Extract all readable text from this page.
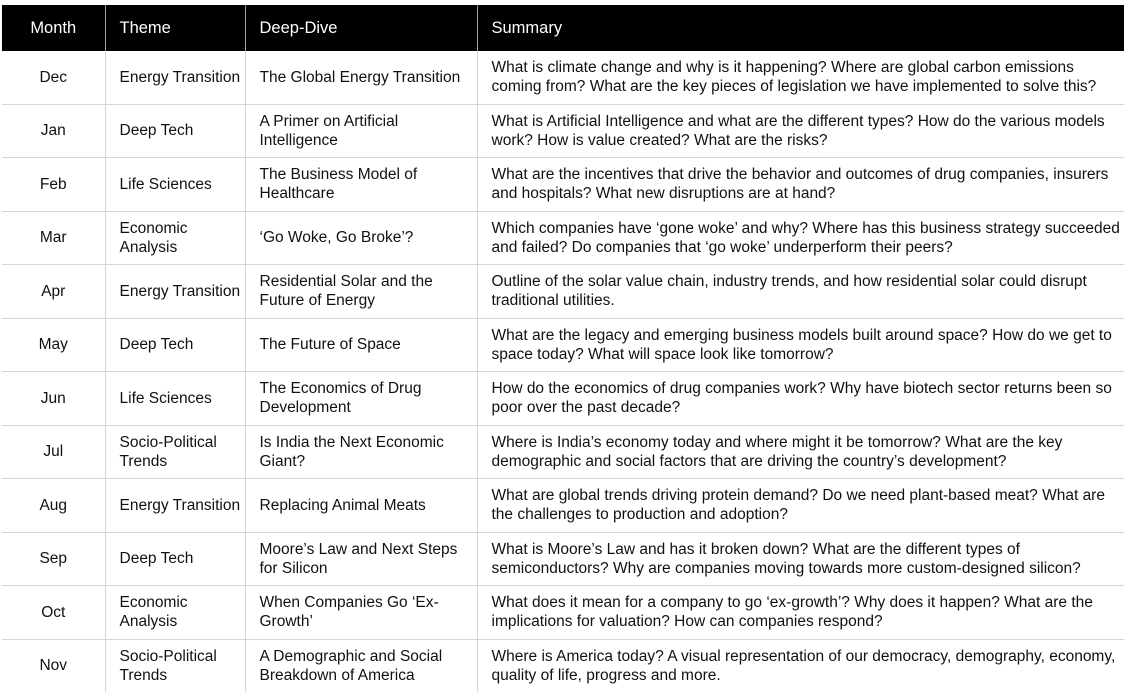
Month	Theme	Deep-Dive	Summary
Dec	Energy Transition	The Global Energy Transition	What is climate change and why is it happening? Where are global carbon emissions coming from? What are the key pieces of legislation we have implemented to solve this?
Jan	Deep Tech	A Primer on Artificial Intelligence	What is Artificial Intelligence and what are the different types? How do the various models work? How is value created? What are the risks?
Feb	Life Sciences	The Business Model of Healthcare	What are the incentives that drive the behavior and outcomes of drug companies, insurers and hospitals? What new disruptions are at hand?
Mar	Economic Analysis	‘Go Woke, Go Broke’?	Which companies have ‘gone woke’ and why? Where has this business strategy succeeded and failed? Do companies that ‘go woke’ underperform their peers?
Apr	Energy Transition	Residential Solar and the Future of Energy	Outline of the solar value chain, industry trends, and how residential solar could disrupt traditional utilities.
May	Deep Tech	The Future of Space	What are the legacy and emerging business models built around space? How do we get to space today? What will space look like tomorrow?
Jun	Life Sciences	The Economics of Drug Development	How do the economics of drug companies work? Why have biotech sector returns been so poor over the past decade?
Jul	Socio-Political Trends	Is India the Next Economic Giant?	Where is India’s economy today and where might it be tomorrow? What are the key demographic and social factors that are driving the country’s development?
Aug	Energy Transition	Replacing Animal Meats	What are global trends driving protein demand? Do we need plant-based meat? What are the challenges to production and adoption?
Sep	Deep Tech	Moore’s Law and Next Steps for Silicon	What is Moore’s Law and has it broken down? What are the different types of semiconductors? Why are companies moving towards more custom-designed silicon?
Oct	Economic Analysis	When Companies Go ‘Ex-Growth’	What does it mean for a company to go ‘ex-growth’? Why does it happen? What are the implications for valuation? How can companies respond?
Nov	Socio-Political Trends	A Demographic and Social Breakdown of America	Where is America today? A visual representation of our democracy, demography, economy, quality of life, progress and more.
